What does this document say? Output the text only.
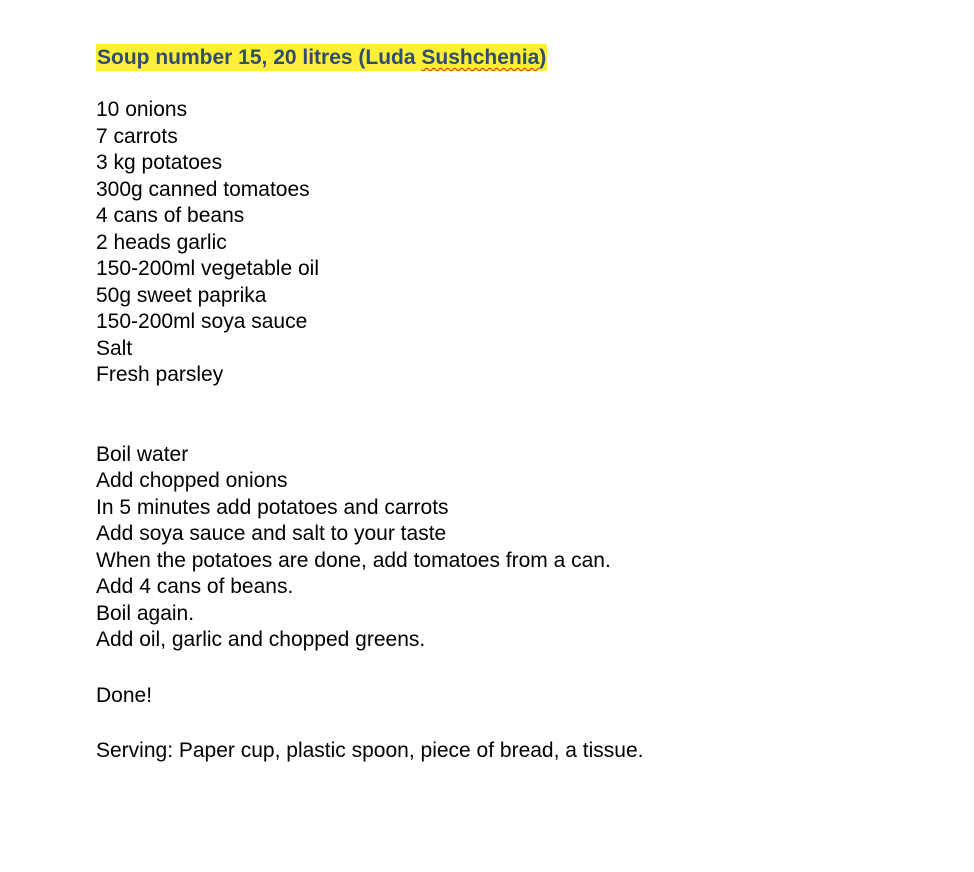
Soup number 15, 20 litres (Luda Sushchenia)
10 onions
7 carrots
3 kg potatoes
300g canned tomatoes
4 cans of beans
2 heads garlic
150-200ml vegetable oil
50g sweet paprika
150-200ml soya sauce
Salt
Fresh parsley
Boil water
Add chopped onions
In 5 minutes add potatoes and carrots
Add soya sauce and salt to your taste
When the potatoes are done, add tomatoes from a can.
Add 4 cans of beans.
Boil again.
Add oil, garlic and chopped greens.
Done!
Serving: Paper cup, plastic spoon, piece of bread, a tissue.
